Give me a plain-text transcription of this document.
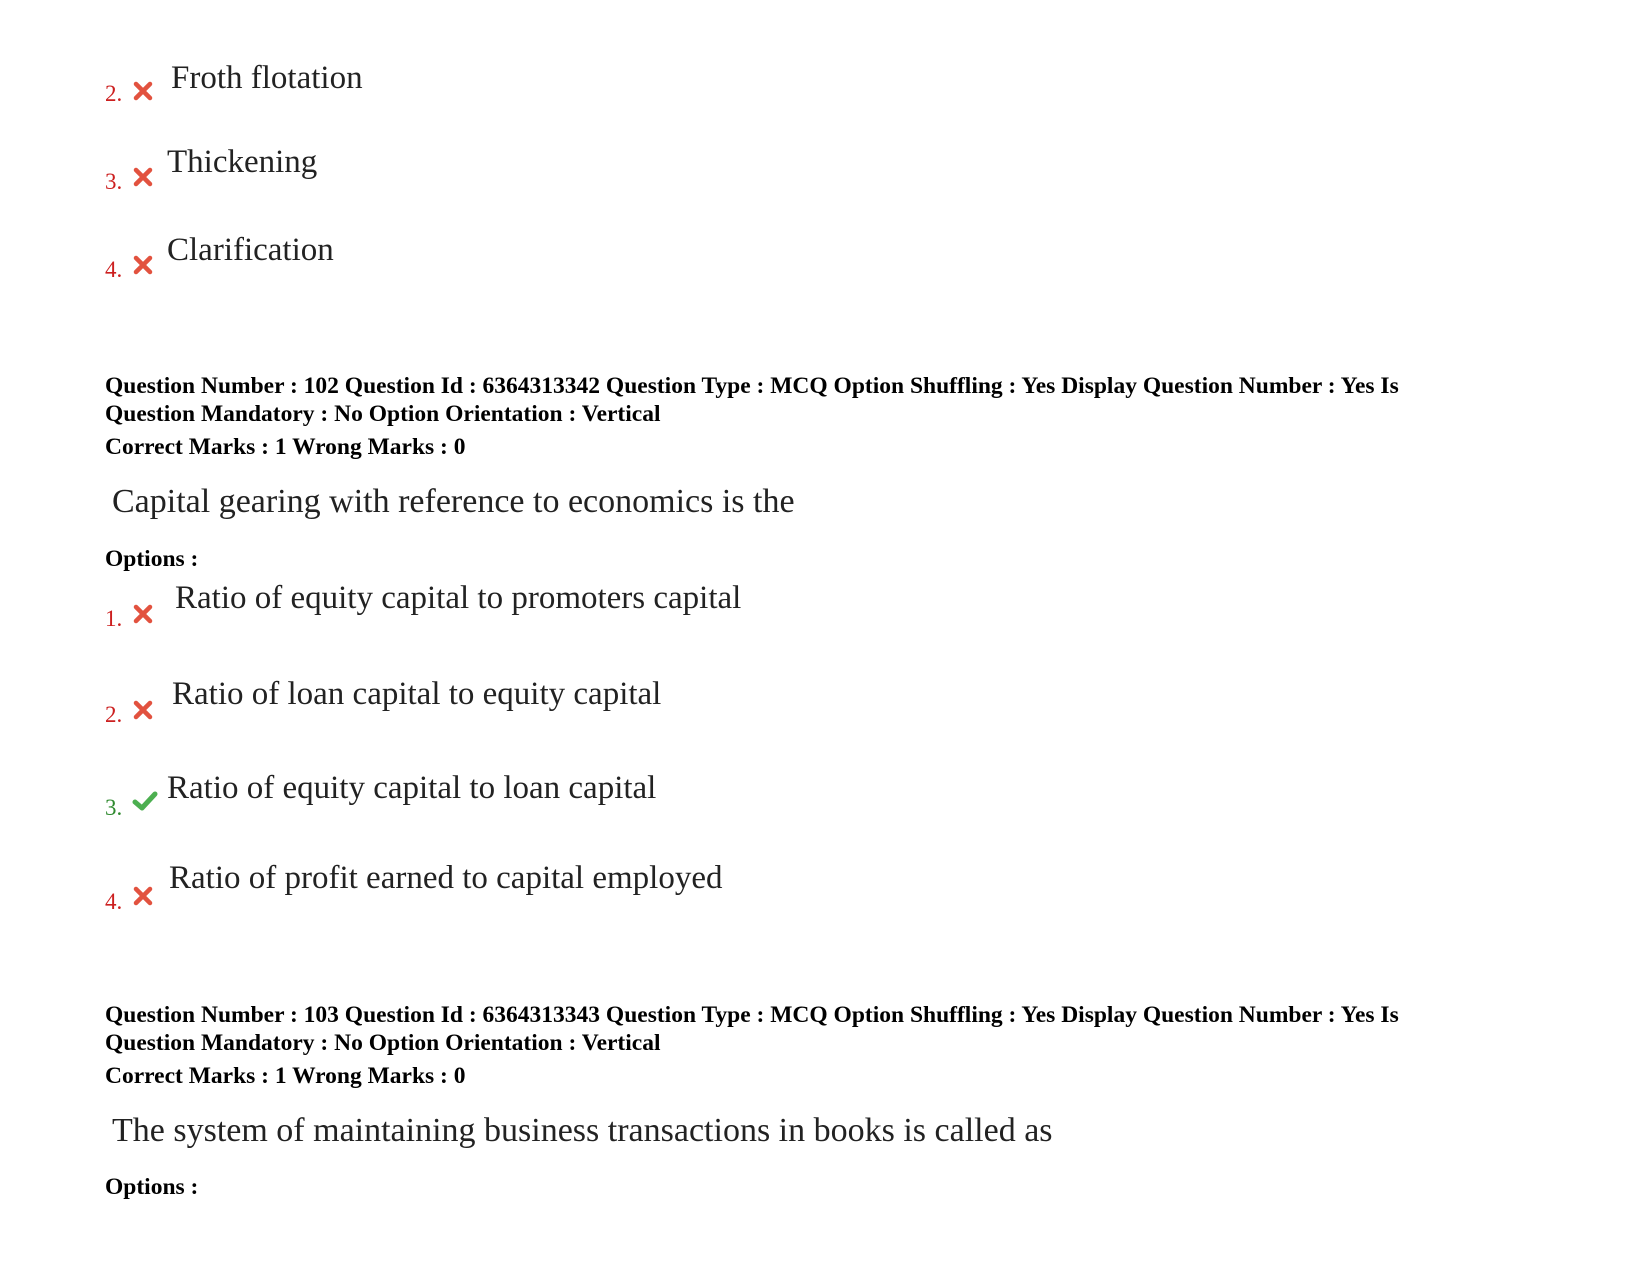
2. Froth flotation
3.
Thickening
4.
Clarification
Question Number : 102 Question Id : 6364313342 Question Type : MCQ Option Shuffling : Yes Display Question Number : Yes Is
Question Mandatory : No Option Orientation : Vertical
Correct Marks : 1 Wrong Marks : 0
Capital gearing with reference to economics is the
Options :
1.
Ratio of equity capital to promoters capital
2.
Ratio of loan capital to equity capital
3.
Ratio of equity capital to loan capital
4.
Ratio of profit earned to capital employed
Question Number : 103 Question Id : 6364313343 Question Type : MCQ Option Shuffling : Yes Display Question Number : Yes Is
Question Mandatory : No Option Orientation : Vertical
Correct Marks : 1 Wrong Marks : 0
The system of maintaining business transactions in books is called as
Options :
